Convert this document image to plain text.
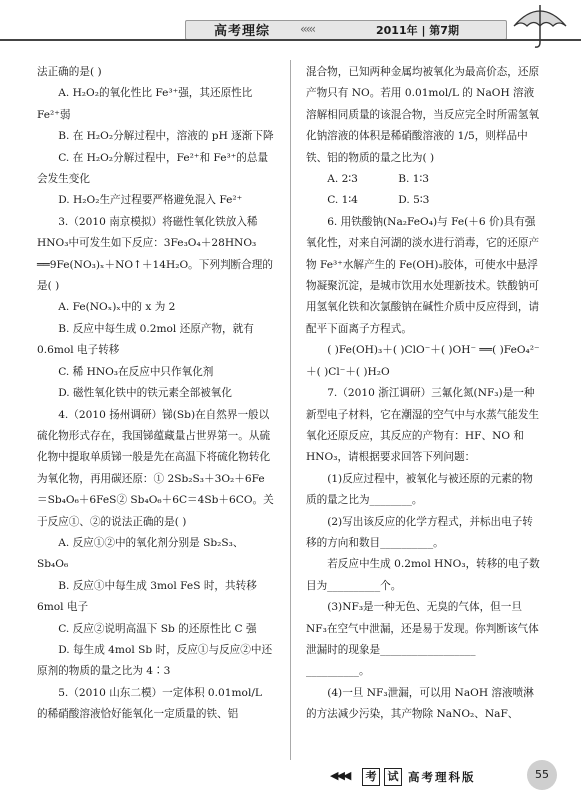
高考理综 ‹‹‹‹‹	2011年 | 第7期

法正确的是( )

A. H₂O₂的氧化性比 Fe³⁺强，其还原性比 Fe²⁺弱

B. 在 H₂O₂分解过程中，溶液的 pH 逐渐下降

C. 在 H₂O₂分解过程中，Fe²⁺和 Fe³⁺的总量会发生变化

D. H₂O₂生产过程要严格避免混入 Fe²⁺

3.（2010 南京模拟）将磁性氧化铁放入稀 HNO₃中可发生如下反应：3Fe₃O₄＋28HNO₃ ══9Fe(NO₃)ₓ＋NO↑＋14H₂O。下列判断合理的是( )

A. Fe(NOₓ)ₓ中的 x 为 2

B. 反应中每生成 0.2mol 还原产物，就有 0.6mol 电子转移

C. 稀 HNO₃在反应中只作氧化剂

D. 磁性氧化铁中的铁元素全部被氧化

4.（2010 扬州调研）锑(Sb)在自然界一般以硫化物形式存在，我国锑蕴藏量占世界第一。从硫化物中提取单质锑一般是先在高温下将硫化物转化为氧化物，再用碳还原：① 2Sb₂S₃＋3O₂＋6Fe＝Sb₄O₆＋6FeS② Sb₄O₆＋6C＝4Sb＋6CO。关于反应①、②的说法正确的是( )

A. 反应①②中的氧化剂分别是 Sb₂S₃、Sb₄O₆

B. 反应①中每生成 3mol FeS 时，共转移 6mol 电子

C. 反应②说明高温下 Sb 的还原性比 C 强

D. 每生成 4mol Sb 时，反应①与反应②中还原剂的物质的量之比为 4∶3

5.（2010 山东二模）一定体积 0.01mol/L 的稀硝酸溶液恰好能氧化一定质量的铁、铝

混合物，已知两种金属均被氧化为最高价态，还原产物只有 NO。若用 0.01mol/L 的 NaOH 溶液溶解相同质量的该混合物，当反应完全时所需氢氧化钠溶液的体积是稀硝酸溶液的 1/5，则样品中铁、铝的物质的量之比为( )

A. 2∶3            B. 1∶3

C. 1∶4            D. 5∶3

6. 用铁酸钠(Na₂FeO₄)与 Fe(＋6 价)具有强氧化性，对来自河湖的淡水进行消毒，它的还原产物 Fe³⁺水解产生的 Fe(OH)₃胶体，可使水中悬浮物凝聚沉淀，是城市饮用水处理新技术。铁酸钠可用氢氧化铁和次氯酸钠在碱性介质中反应得到，请配平下面离子方程式。

( )Fe(OH)₃＋( )ClO⁻＋( )OH⁻ ══( )FeO₄²⁻＋( )Cl⁻＋( )H₂O

7.（2010 浙江调研）三氟化氮(NF₃)是一种新型电子材料，它在潮湿的空气中与水蒸气能发生氧化还原反应，其反应的产物有：HF、NO 和 HNO₃，请根据要求回答下列问题：

(1)反应过程中，被氧化与被还原的元素的物质的量之比为________。

(2)写出该反应的化学方程式，并标出电子转移的方向和数目__________。

若反应中生成 0.2mol HNO₃，转移的电子数目为__________个。

(3)NF₃是一种无色、无臭的气体，但一旦 NF₃在空气中泄漏，还是易于发现。你判断该气体泄漏时的现象是__________________ __________。

(4)一旦 NF₃泄漏，可以用 NaOH 溶液喷淋的方法减少污染，其产物除 NaNO₂、NaF、

◀◀◀	考	试 高考理科版	55
